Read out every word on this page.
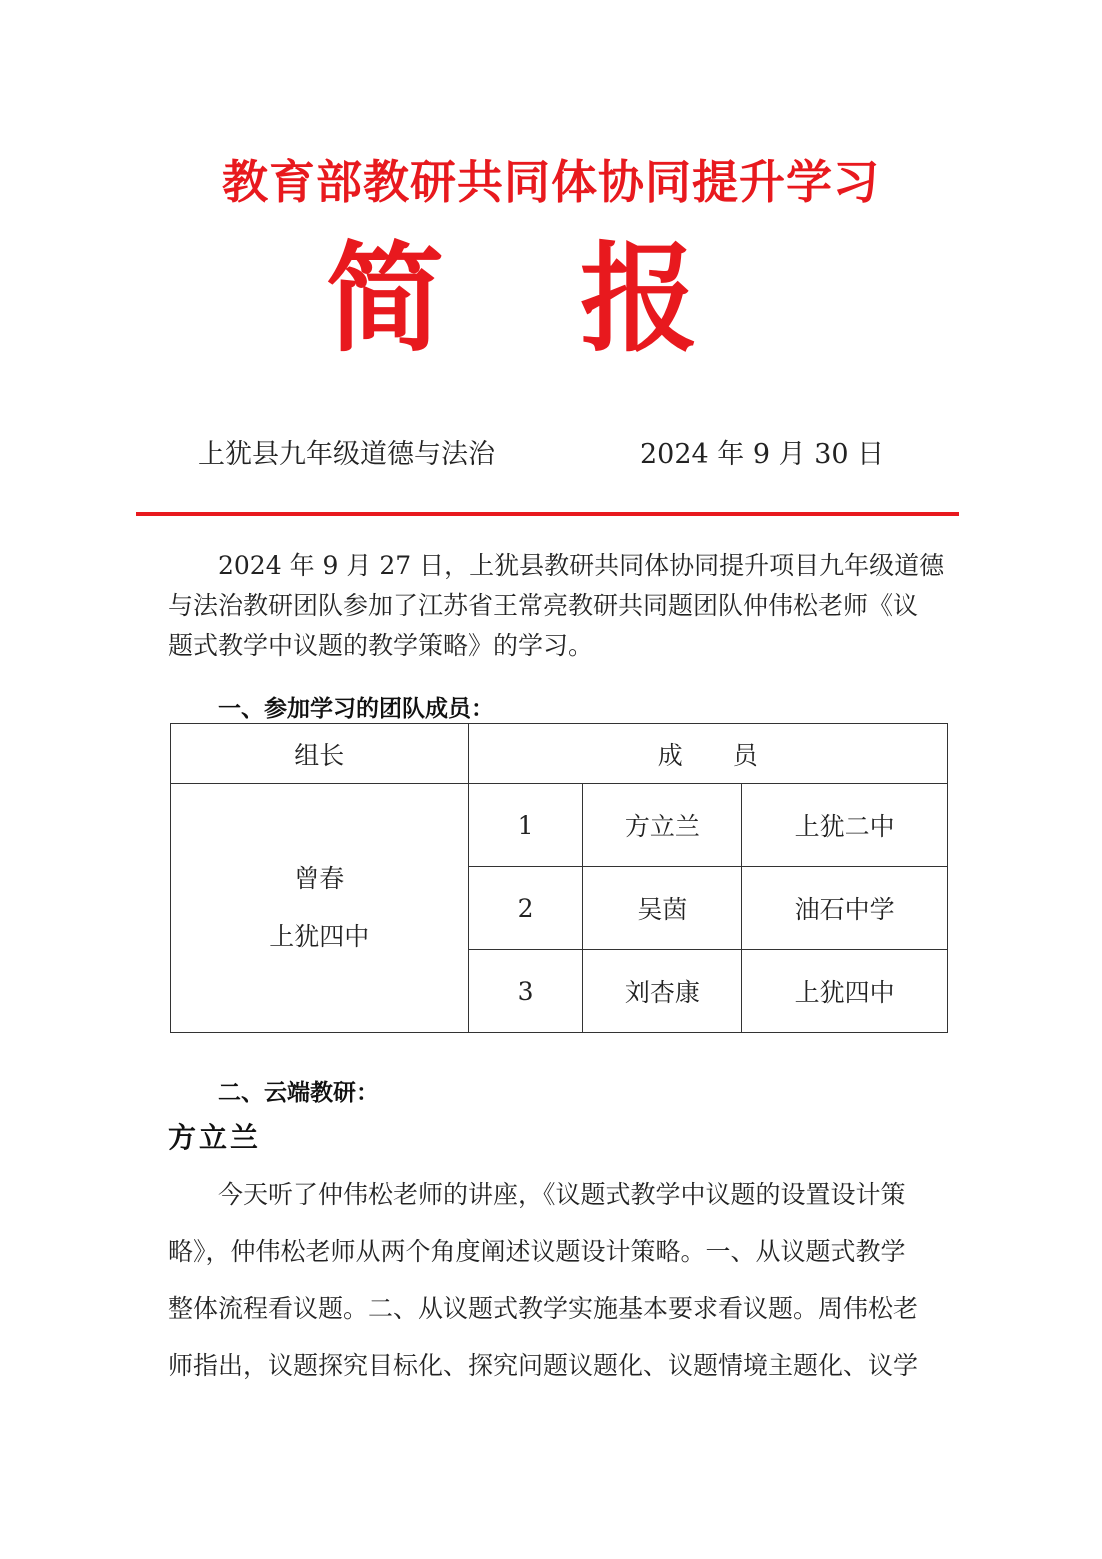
教育部教研共同体协同提升学习
简 报
上犹县九年级道德与法治	2024 年 9 月 30 日
2024 年 9 月 27 日，上犹县教研共同体协同提升项目九年级道德
与法治教研团队参加了江苏省王常亮教研共同题团队仲伟松老师《议
题式教学中议题的教学策略》的学习。
一、参加学习的团队成员：
组长	成　　员		

曾春
上犹四中	1	方立兰	上犹二中
	2	吴茵	油石中学
	3	刘杏康	上犹四中
二、云端教研：
方立兰
今天听了仲伟松老师的讲座，《议题式教学中议题的设置设计策
略》，仲伟松老师从两个角度阐述议题设计策略。一、从议题式教学
整体流程看议题。二、从议题式教学实施基本要求看议题。周伟松老
师指出，议题探究目标化、探究问题议题化、议题情境主题化、议学
